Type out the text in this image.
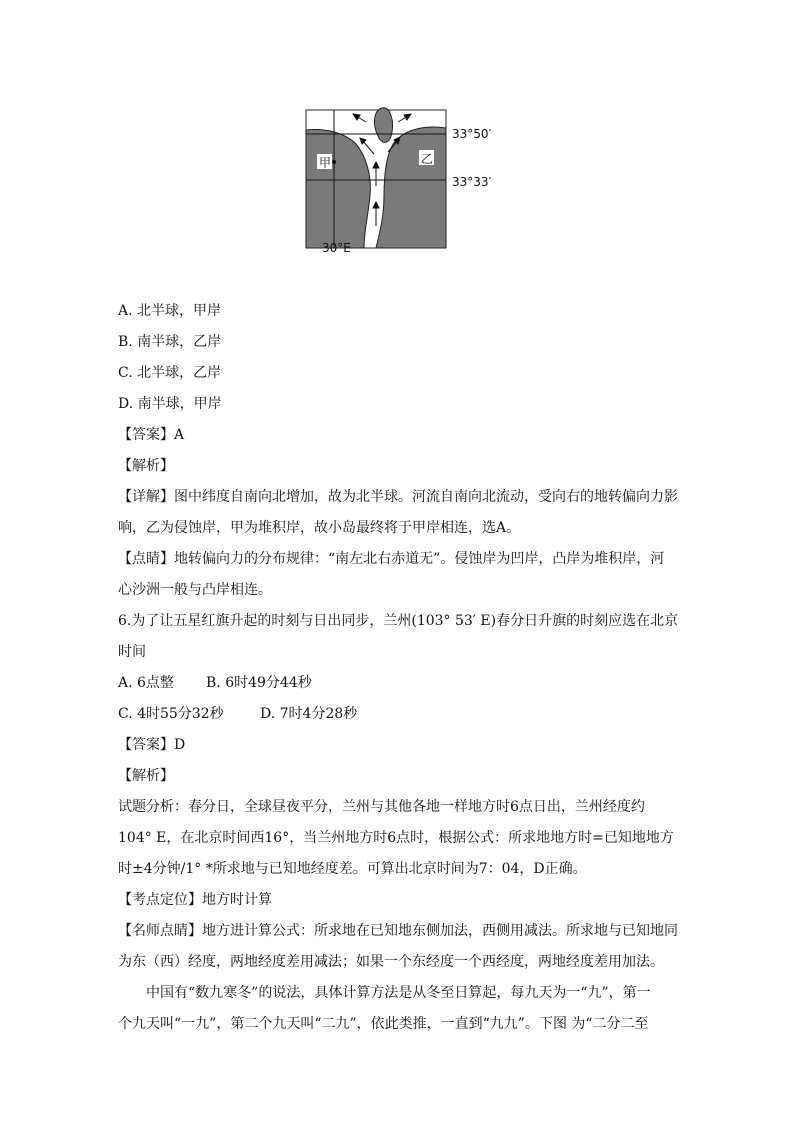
甲	乙
33°50′
33°33′
30°E
A. 北半球，甲岸
B. 南半球，乙岸
C. 北半球，乙岸
D. 南半球，甲岸
【答案】A
【解析】
【详解】图中纬度自南向北增加，故为北半球。河流自南向北流动，受向右的地转偏向力影
响，乙为侵蚀岸，甲为堆积岸，故小岛最终将于甲岸相连，选A。
【点睛】地转偏向力的分布规律：“南左北右赤道无”。侵蚀岸为凹岸，凸岸为堆积岸，河
心沙洲一般与凸岸相连。
6.为了让五星红旗升起的时刻与日出同步，兰州(103° 53′ E)春分日升旗的时刻应选在北京
时间
A. 6点整 B. 6时49分44秒
C. 4时55分32秒	D. 7时4分28秒
【答案】D
【解析】
试题分析：春分日，全球昼夜平分，兰州与其他各地一样地方时6点日出，兰州经度约
104° E，在北京时间西16°，当兰州地方时6点时，根据公式：所求地地方时=已知地地方
时±4分钟/1° *所求地与已知地经度差。可算出北京时间为7：04，D正确。
【考点定位】地方时计算
【名师点睛】地方进计算公式：所求地在已知地东侧加法，西侧用减法。所求地与已知地同
为东（西）经度，两地经度差用减法；如果一个东经度一个西经度，两地经度差用加法。
中国有“数九寒冬”的说法，具体计算方法是从冬至日算起，每九天为一“九”，第一
个九天叫“一九”，第二个九天叫“二九”，依此类推，一直到“九九”。下图 为“二分二至
